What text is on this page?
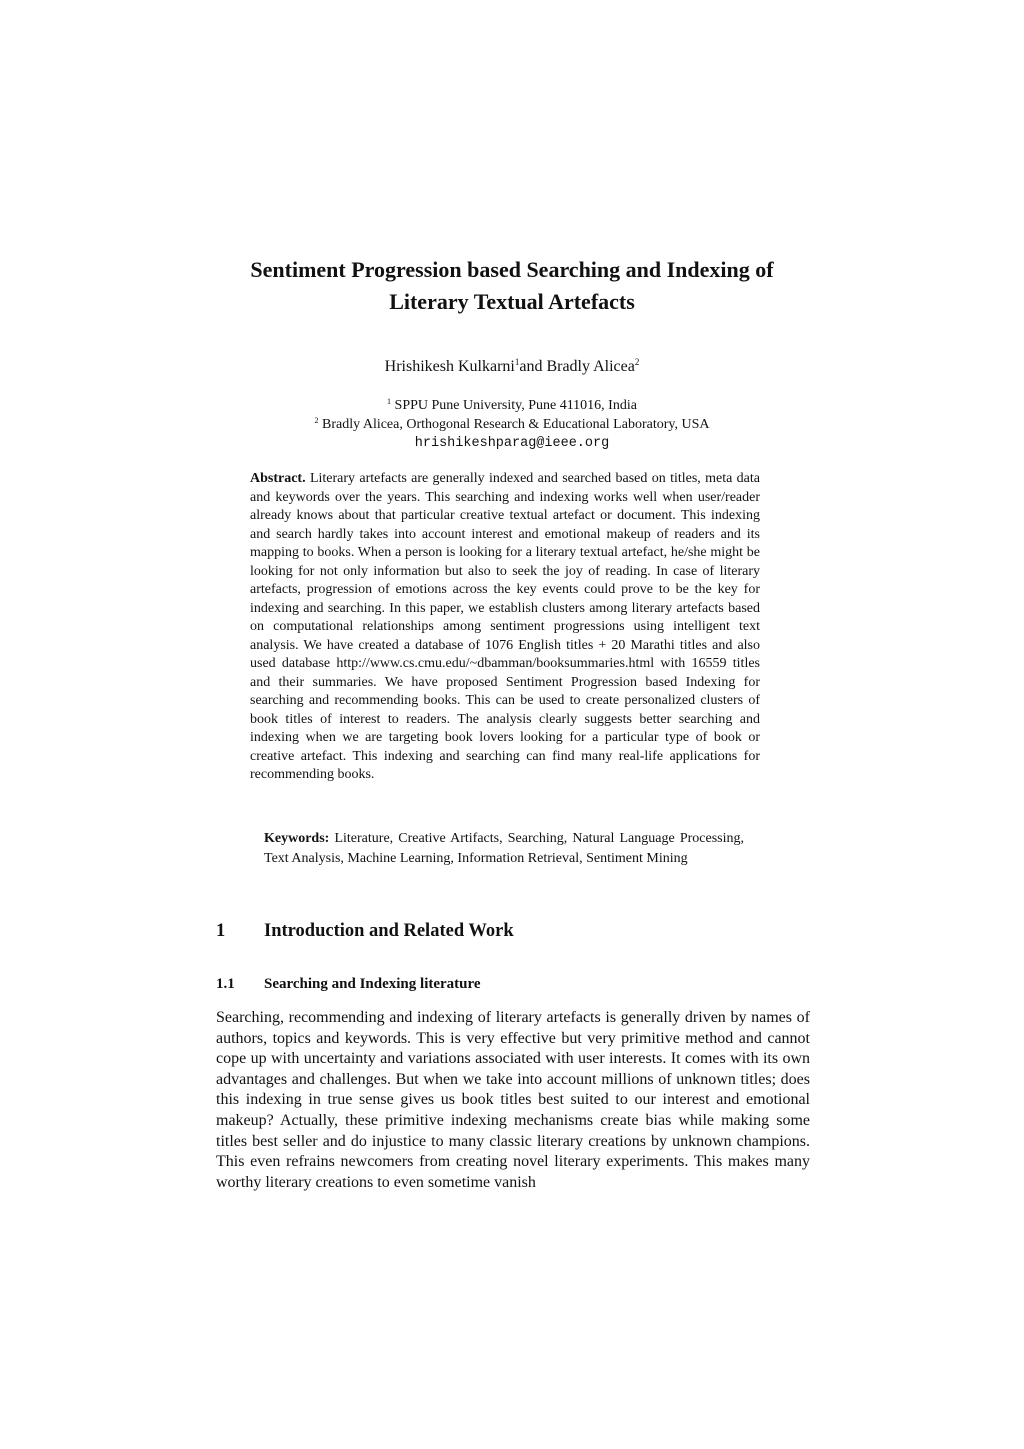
Sentiment Progression based Searching and Indexing of
Literary Textual Artefacts
Hrishikesh Kulkarni$^1$and Bradly Alicea$^2$
$^1$ SPPU Pune University, Pune 411016, India
$^2$ Bradly Alicea, Orthogonal Research & Educational Laboratory, USA
hrishikeshparag@ieee.org
Abstract. Literary artefacts are generally indexed and searched based on titles, meta data and keywords over the years. This searching and indexing works well when user/reader already knows about that particular creative textual artefact or document. This indexing and search hardly takes into account interest and emotional makeup of readers and its mapping to books. When a person is looking for a literary textual artefact, he/she might be looking for not only information but also to seek the joy of reading. In case of literary artefacts, progression of emotions across the key events could prove to be the key for indexing and searching. In this paper, we establish clusters among literary artefacts based on computational relationships among sentiment progressions using intelligent text analysis. We have created a database of 1076 English titles + 20 Marathi titles and also used database http://www.cs.cmu.edu/~dbamman/booksummaries.html with 16559 titles and their summaries. We have proposed Sentiment Progression based Indexing for searching and recommending books. This can be used to create personalized clusters of book titles of interest to readers. The analysis clearly suggests better searching and indexing when we are targeting book lovers looking for a particular type of book or creative artefact. This indexing and searching can find many real-life applications for recommending books.
Keywords: Literature, Creative Artifacts, Searching, Natural Language Processing, Text Analysis, Machine Learning, Information Retrieval, Sentiment Mining
1 Introduction and Related Work
1.1 Searching and Indexing literature
Searching, recommending and indexing of literary artefacts is generally driven by names of authors, topics and keywords. This is very effective but very primitive method and cannot cope up with uncertainty and variations associated with user interests. It comes with its own advantages and challenges. But when we take into account millions of unknown titles; does this indexing in true sense gives us book titles best suited to our interest and emotional makeup? Actually, these primitive indexing mechanisms create bias while making some titles best seller and do injustice to many classic literary creations by unknown champions. This even refrains newcomers from creating novel literary experiments. This makes many worthy literary creations to even sometime vanish
